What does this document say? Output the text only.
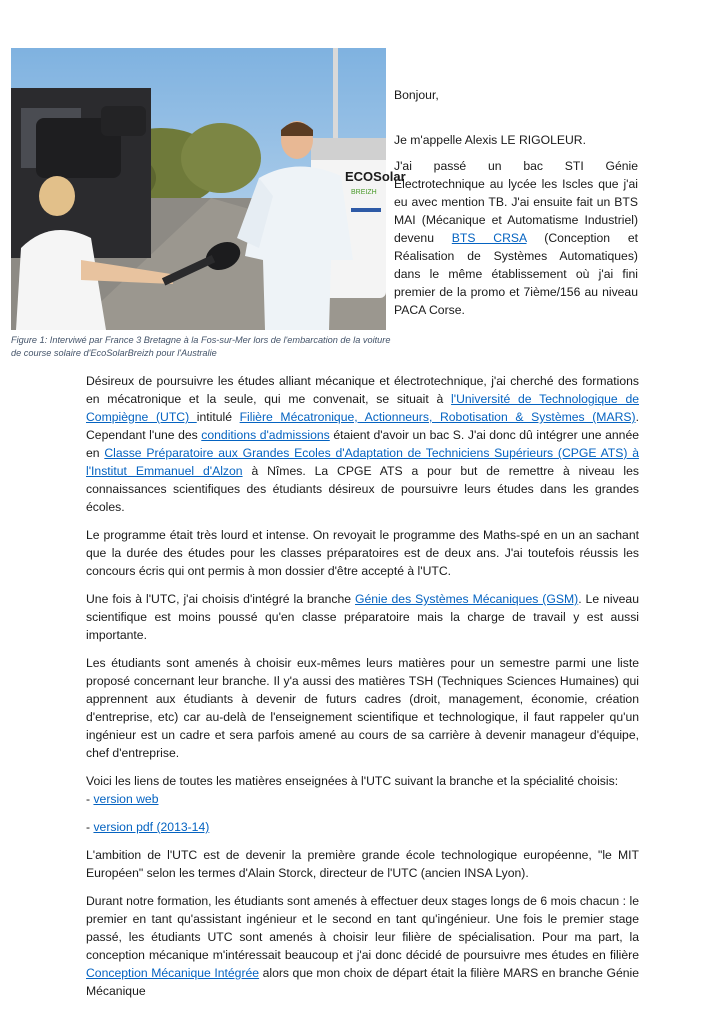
ECOSolar
BREIZH
Figure 1: Interviwé par France 3 Bretagne à la Fos-sur-Mer lors de l'embarcation de la voiture de course solaire d'EcoSolarBreizh pour l'Australie

Bonjour,

Je m'appelle Alexis LE RIGOLEUR.

J'ai passé un bac STI Génie Électrotechnique au lycée les Iscles que j'ai eu avec mention TB. J'ai ensuite fait un BTS MAI (Mécanique et Automatisme Industriel) devenu BTS CRSA (Conception et Réalisation de Systèmes Automatiques) dans le même établissement où j'ai fini premier de la promo et 7ième/156 au niveau PACA Corse.

Désireux de poursuivre les études alliant mécanique et électrotechnique, j'ai cherché des formations en mécatronique et la seule, qui me convenait, se situait à l'Université de Technologique de Compiègne (UTC) intitulé Filière Mécatronique, Actionneurs, Robotisation & Systèmes (MARS). Cependant l'une des conditions d'admissions étaient d'avoir un bac S. J'ai donc dû intégrer une année en Classe Préparatoire aux Grandes Ecoles d'Adaptation de Techniciens Supérieurs (CPGE ATS) à l'Institut Emmanuel d'Alzon à Nîmes. La CPGE ATS a pour but de remettre à niveau les connaissances scientifiques des étudiants désireux de poursuivre leurs études dans les grandes écoles.

Le programme était très lourd et intense. On revoyait le programme des Maths-spé en un an sachant que la durée des études pour les classes préparatoires est de deux ans. J'ai toutefois réussis les concours écris qui ont permis à mon dossier d'être accepté à l'UTC.

Une fois à l'UTC, j'ai choisis d'intégré la branche Génie des Systèmes Mécaniques (GSM). Le niveau scientifique est moins poussé qu'en classe préparatoire mais la charge de travail y est aussi importante.

Les étudiants sont amenés à choisir eux-mêmes leurs matières pour un semestre parmi une liste proposé concernant leur branche. Il y'a aussi des matières TSH (Techniques Sciences Humaines) qui apprennent aux étudiants à devenir de futurs cadres (droit, management, économie, création d'entreprise, etc) car au-delà de l'enseignement scientifique et technologique, il faut rappeler qu'un ingénieur est un cadre et sera parfois amené au cours de sa carrière à devenir manageur d'équipe, chef d'entreprise.

Voici les liens de toutes les matières enseignées à l'UTC suivant la branche et la spécialité choisis:

- version web

- version pdf (2013-14)

L'ambition de l'UTC est de devenir la première grande école technologique européenne, "le MIT Européen" selon les termes d'Alain Storck, directeur de l'UTC (ancien INSA Lyon).

Durant notre formation, les étudiants sont amenés à effectuer deux stages longs de 6 mois chacun : le premier en tant qu'assistant ingénieur et le second en tant qu'ingénieur. Une fois le premier stage passé, les étudiants UTC sont amenés à choisir leur filière de spécialisation. Pour ma part, la conception mécanique m'intéressait beaucoup et j'ai donc décidé de poursuivre mes études en filière Conception Mécanique Intégrée alors que mon choix de départ était la filière MARS en branche Génie Mécanique
